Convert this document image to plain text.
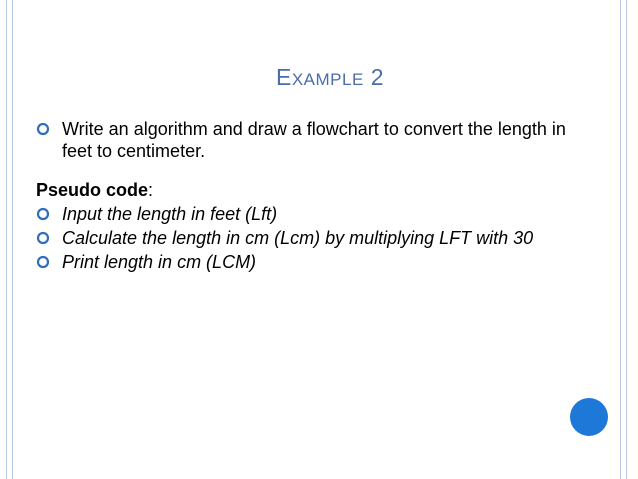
EXAMPLE 2
Write an algorithm and draw a flowchart to convert the length in feet to centimeter.
Pseudo code:
Input the length in feet (Lft)
Calculate the length in cm (Lcm) by multiplying LFT with 30
Print length in cm (LCM)
